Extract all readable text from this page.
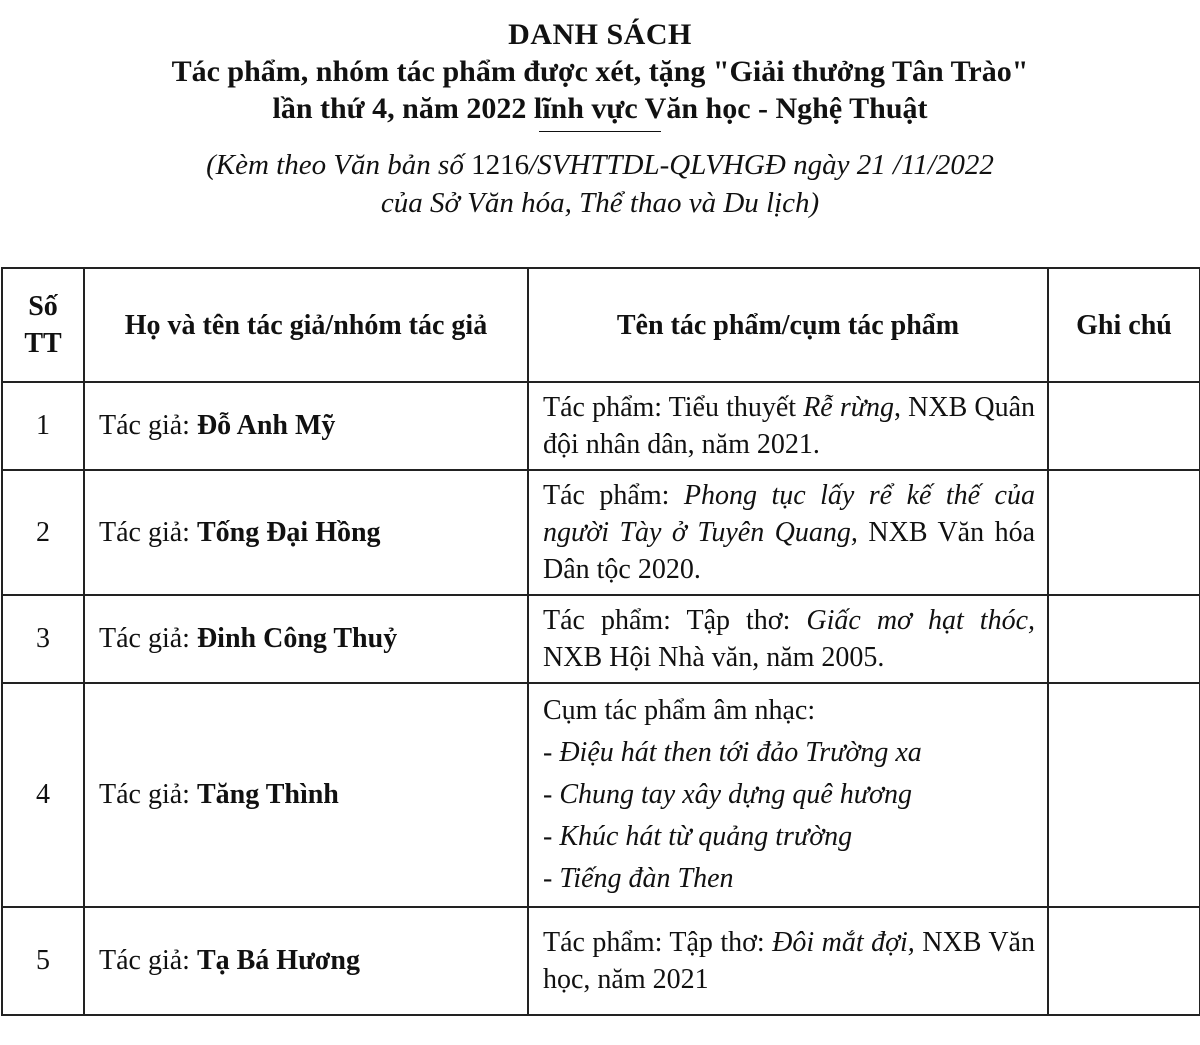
DANH SÁCH

Tác phẩm, nhóm tác phẩm được xét, tặng "Giải thưởng Tân Trào"

lần thứ 4, năm 2022 lĩnh vực Văn học - Nghệ Thuật

(Kèm theo Văn bản số 1216/SVHTTDL-QLVHGĐ ngày 21 /11/2022

của Sở Văn hóa, Thể thao và Du lịch)

Số TT	Họ và tên tác giả/nhóm tác giả	Tên tác phẩm/cụm tác phẩm	Ghi chú
1	Tác giả: Đỗ Anh Mỹ	Tác phẩm: Tiểu thuyết Rễ rừng, NXB Quân đội nhân dân, năm 2021.	
2	Tác giả: Tống Đại Hồng	Tác phẩm: Phong tục lấy rể kế thế của người Tày ở Tuyên Quang, NXB Văn hóa Dân tộc 2020.	
3	Tác giả: Đinh Công Thuỷ	Tác phẩm: Tập thơ: Giấc mơ hạt thóc, NXB Hội Nhà văn, năm 2005.	
4	Tác giả: Tăng Thình	Cụm tác phẩm âm nhạc:
- Điệu hát then tới đảo Trường xa
- Chung tay xây dựng quê hương
- Khúc hát từ quảng trường
- Tiếng đàn Then	

5	Tác giả: Tạ Bá Hương	Tác phẩm: Tập thơ: Đôi mắt đợi, NXB Văn học, năm 2021	
